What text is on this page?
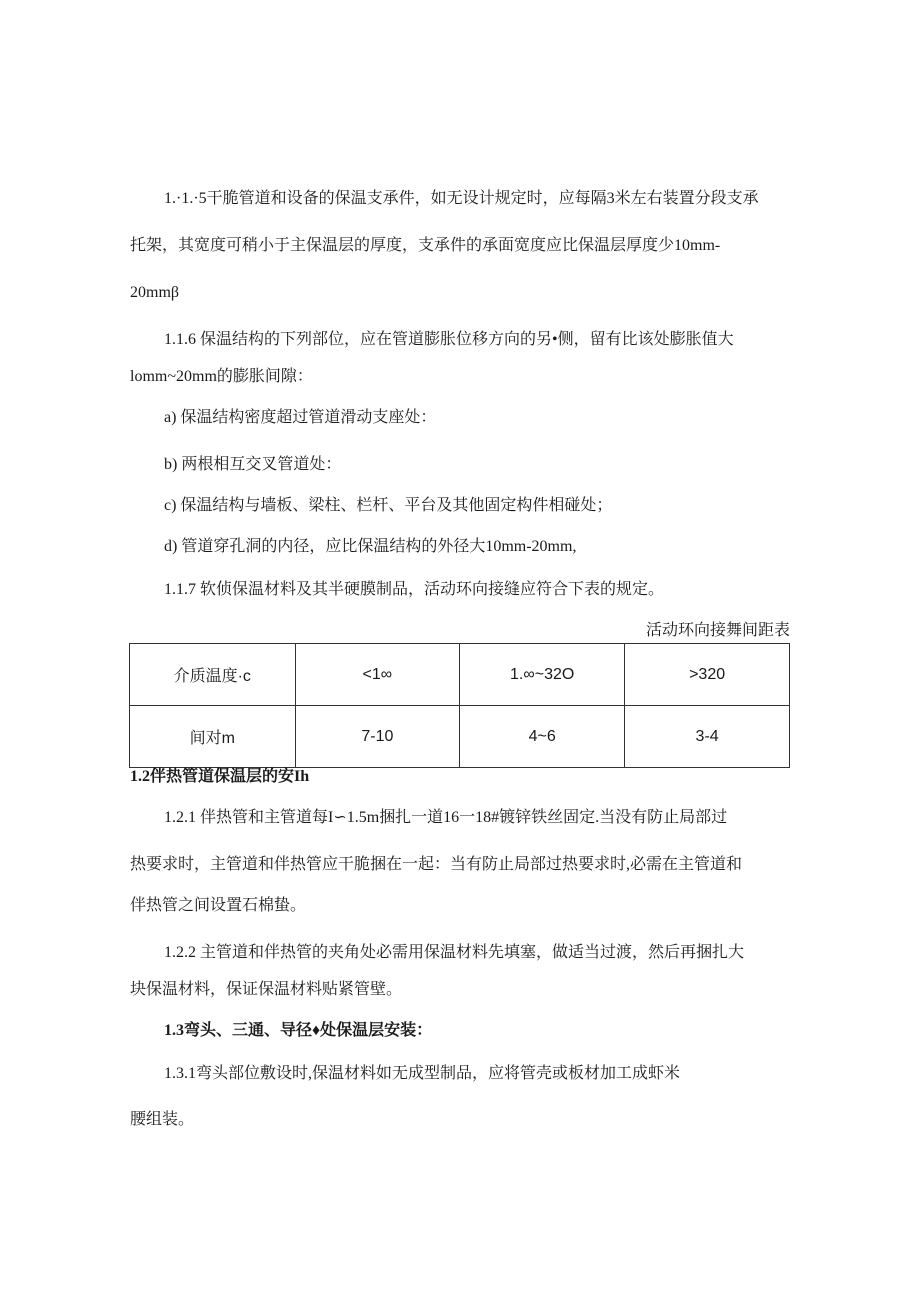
1.·1.·5干脆管道和设备的保温支承件，如无设计规定时，应每隔3米左右装置分段支承

托架，其宽度可稍小于主保温层的厚度，支承件的承面宽度应比保温层厚度少10mm-

20mmβ

1.1.6 保温结构的下列部位，应在管道膨胀位移方向的另•侧，留有比该处膨胀值大

lomm~20mm的膨胀间隙：

a) 保温结构密度超过管道滑动支座处：

b) 两根相互交叉管道处：

c) 保温结构与墙板、梁柱、栏杆、平台及其他固定构件相碰处；

d) 管道穿孔洞的内径，应比保温结构的外径大10mm-20mm,

1.1.7 软侦保温材料及其半硬膜制品，活动环向接缝应符合下表的规定。

活动环向接舞间距表

介质温度·c	<1∞	1.∞~32O	>320
间对m	7-10	4~6	3-4

1.2伴热管道保温层的安Ih

1.2.1 伴热管和主管道每I∽1.5m捆扎一道16一18#镀锌铁丝固定.当没有防止局部过

热要求时，主管道和伴热管应干脆捆在一起：当有防止局部过热要求时,必需在主管道和

伴热管之间设置石棉蛰。

1.2.2 主管道和伴热管的夹角处必需用保温材料先填塞，做适当过渡，然后再捆扎大

块保温材料，保证保温材料贴紧管壁。

1.3弯头、三通、导径♦处保温层安装：

1.3.1弯头部位敷设时,保温材料如无成型制品，应将管壳或板材加工成虾米

腰组装。
